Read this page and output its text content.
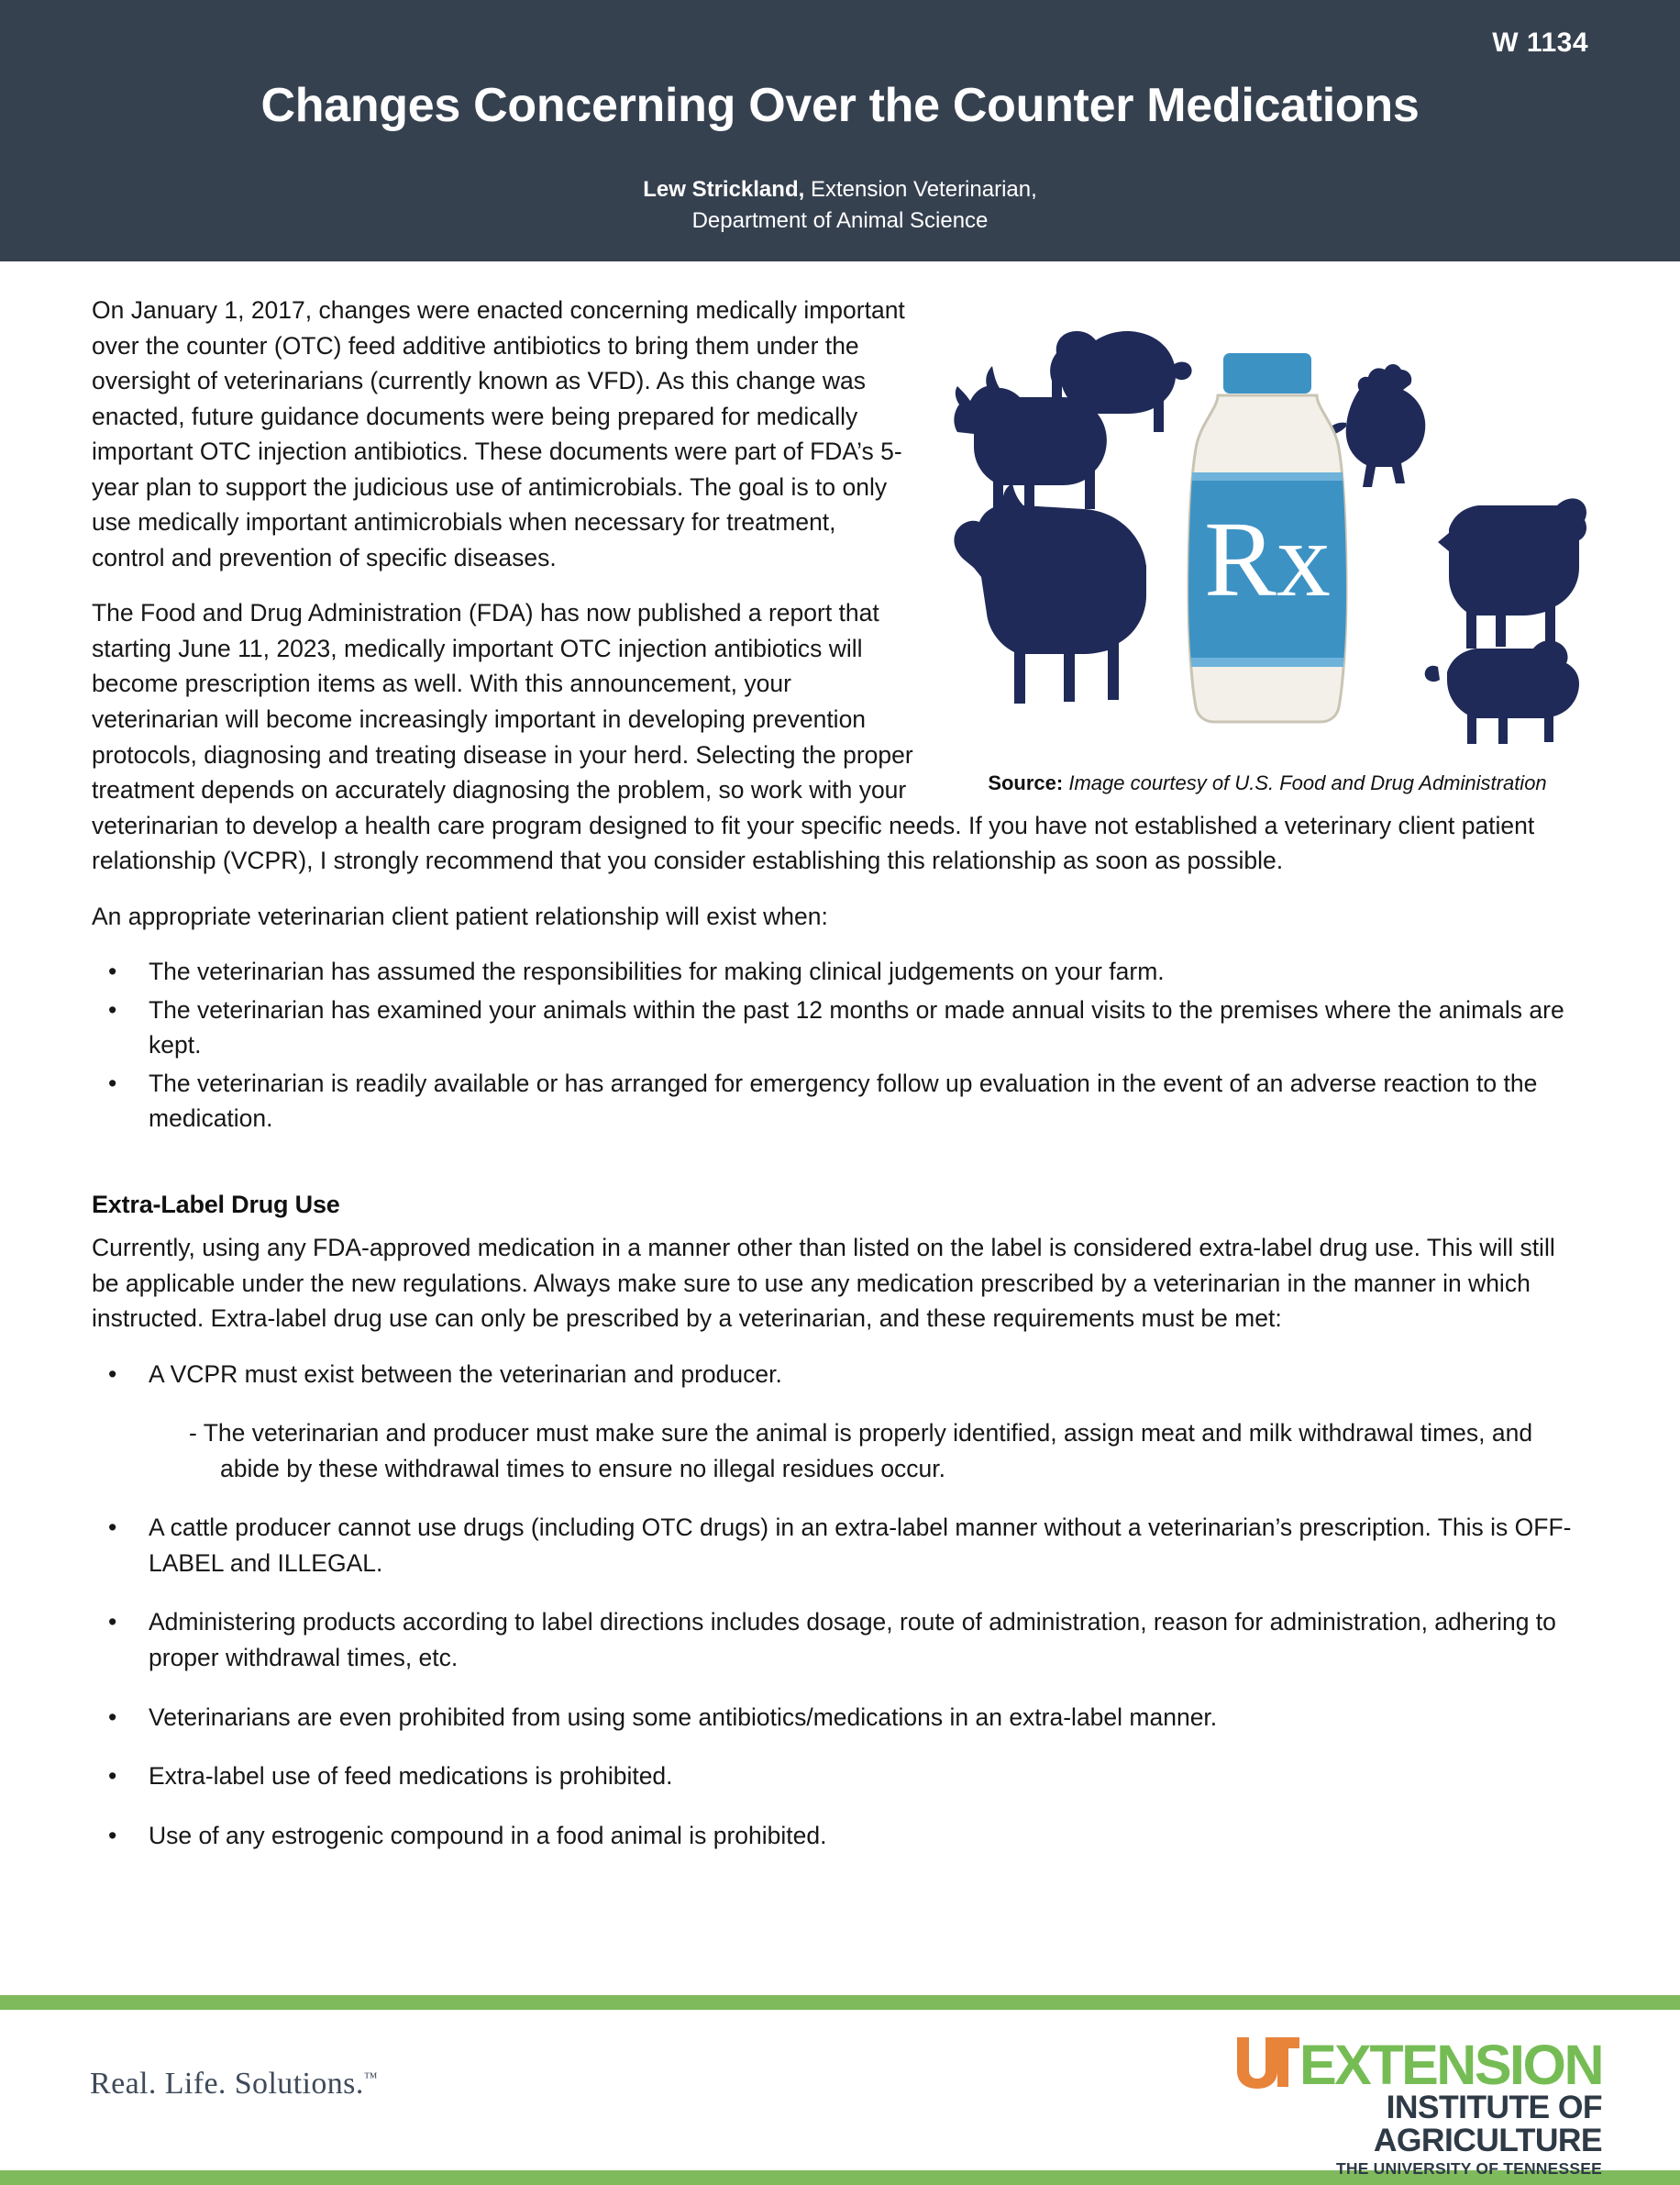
W 1134
Changes Concerning Over the Counter Medications
Lew Strickland, Extension Veterinarian,
Department of Animal Science
Rx
Source: Image courtesy of U.S. Food and Drug Administration

On January 1, 2017, changes were enacted concerning medically important over the counter (OTC) feed additive antibiotics to bring them under the oversight of veterinarians (currently known as VFD). As this change was enacted, future guidance documents were being prepared for medically important OTC injection antibiotics. These documents were part of FDA’s 5-year plan to support the judicious use of antimicrobials. The goal is to only use medically important antimicrobials when necessary for treatment, control and prevention of specific diseases.

The Food and Drug Administration (FDA) has now published a report that starting June 11, 2023, medically important OTC injection antibiotics will become prescription items as well. With this announcement, your veterinarian will become increasingly important in developing prevention protocols, diagnosing and treating disease in your herd. Selecting the proper treatment depends on accurately diagnosing the problem, so work with your veterinarian to develop a health care program designed to fit your specific needs. If you have not established a veterinary client patient relationship (VCPR), I strongly recommend that you consider establishing this relationship as soon as possible.

An appropriate veterinarian client patient relationship will exist when:

• The veterinarian has assumed the responsibilities for making clinical judgements on your farm.
• The veterinarian has examined your animals within the past 12 months or made annual visits to the premises where the animals are kept.
• The veterinarian is readily available or has arranged for emergency follow up evaluation in the event of an adverse reaction to the medication.
Extra-Label Drug Use

Currently, using any FDA-approved medication in a manner other than listed on the label is considered extra-label drug use. This will still be applicable under the new regulations. Always make sure to use any medication prescribed by a veterinarian in the manner in which instructed. Extra-label drug use can only be prescribed by a veterinarian, and these requirements must be met:

• A VCPR must exist between the veterinarian and producer.
- The veterinarian and producer must make sure the animal is properly identified, assign meat and milk withdrawal times, and abide by these withdrawal times to ensure no illegal residues occur.
• A cattle producer cannot use drugs (including OTC drugs) in an extra-label manner without a veterinarian’s prescription. This is OFF-LABEL and ILLEGAL.
• Administering products according to label directions includes dosage, route of administration, reason for administration, adhering to proper withdrawal times, etc.
• Veterinarians are even prohibited from using some antibiotics/medications in an extra-label manner.
• Extra-label use of feed medications is prohibited.
• Use of any estrogenic compound in a food animal is prohibited.
Real. Life. Solutions.™	EXTENSION
INSTITUTE OF AGRICULTURE
THE UNIVERSITY OF TENNESSEE
